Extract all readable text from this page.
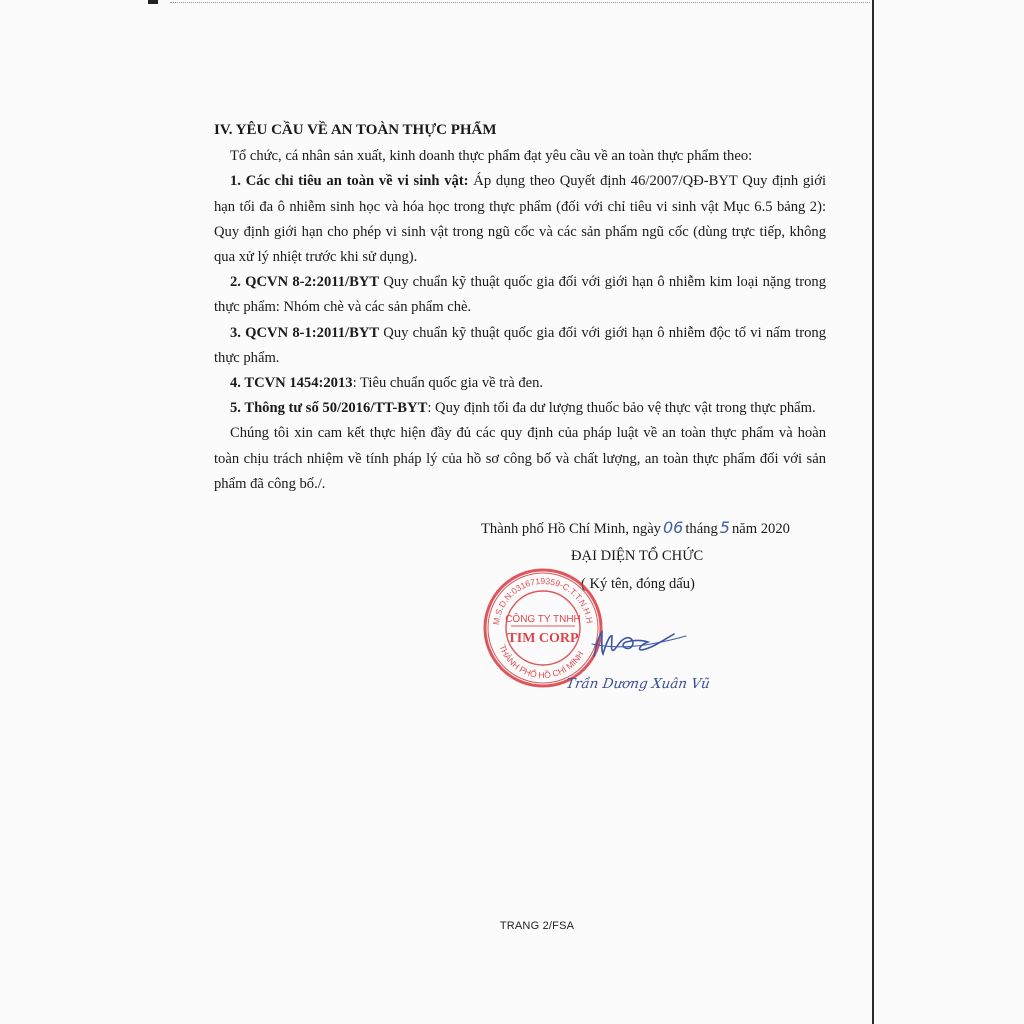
IV. YÊU CẦU VỀ AN TOÀN THỰC PHẨM
Tổ chức, cá nhân sản xuất, kinh doanh thực phẩm đạt yêu cầu về an toàn thực phẩm theo:
1. Các chỉ tiêu an toàn về vi sinh vật: Áp dụng theo Quyết định 46/2007/QĐ-BYT Quy định giới
hạn tối đa ô nhiễm sinh học và hóa học trong thực phẩm (đối với chỉ tiêu vi sinh vật Mục 6.5 bảng 2):
Quy định giới hạn cho phép vi sinh vật trong ngũ cốc và các sản phẩm ngũ cốc (dùng trực tiếp, không
qua xử lý nhiệt trước khi sử dụng).
2. QCVN 8-2:2011/BYT Quy chuẩn kỹ thuật quốc gia đối với giới hạn ô nhiễm kim loại nặng trong
thực phẩm: Nhóm chè và các sản phẩm chè.
3. QCVN 8-1:2011/BYT Quy chuẩn kỹ thuật quốc gia đối với giới hạn ô nhiễm độc tố vi nấm trong
thực phẩm.
4. TCVN 1454:2013: Tiêu chuẩn quốc gia về trà đen.
5. Thông tư số 50/2016/TT-BYT: Quy định tối đa dư lượng thuốc bảo vệ thực vật trong thực phẩm.
Chúng tôi xin cam kết thực hiện đầy đủ các quy định của pháp luật về an toàn thực phẩm và hoàn
toàn chịu trách nhiệm về tính pháp lý của hồ sơ công bố và chất lượng, an toàn thực phẩm đối với sản
phẩm đã công bố./.
Thành phố Hồ Chí Minh, ngày 06 tháng 5 năm 2020
ĐẠI DIỆN TỔ CHỨC
( Ký tên, đóng dấu)
M.S.D.N:0316719359-C.T.T.N.H.H
THÀNH PHỐ HỒ CHÍ MINH
CÔNG TY TNHH
TIM CORP
Trần Dương Xuân Vũ
TRANG 2/FSA
